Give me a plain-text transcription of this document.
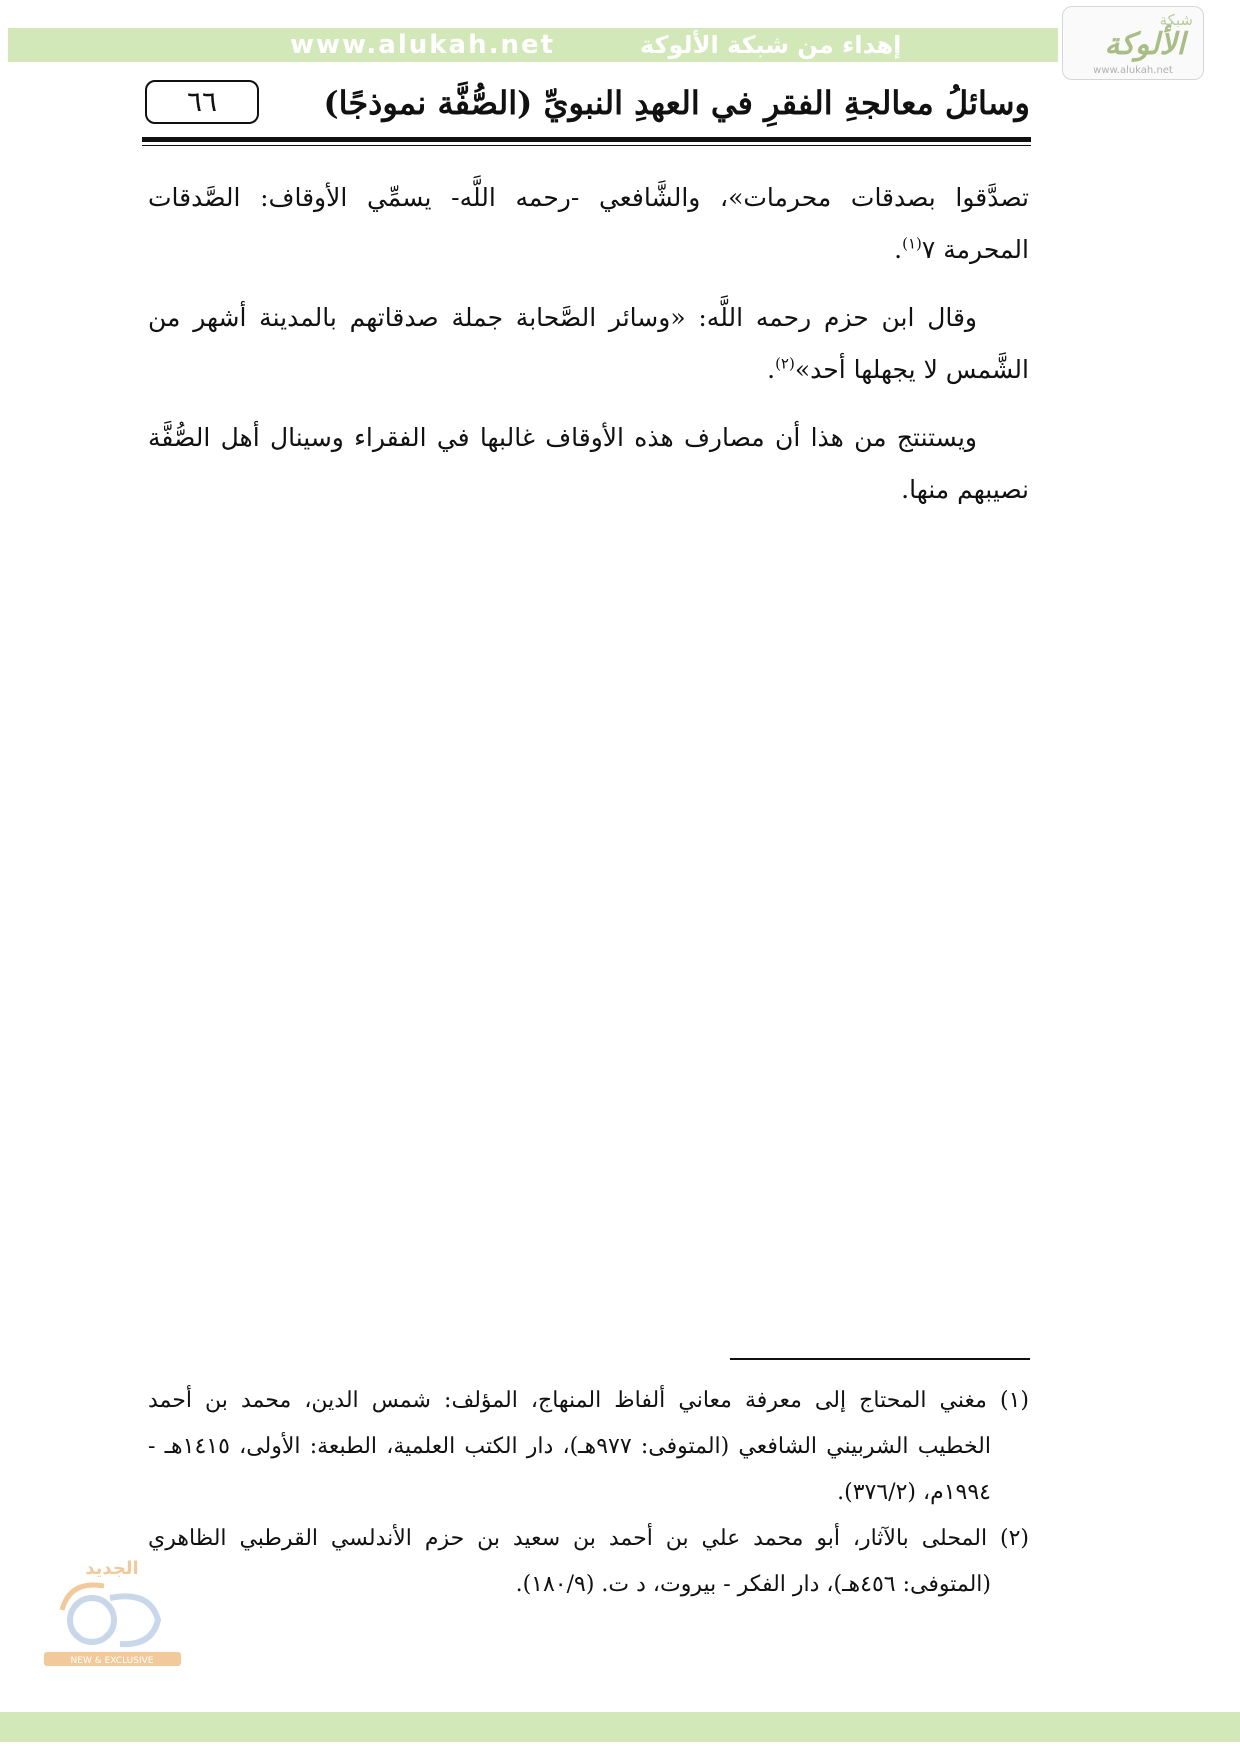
www.alukah.net	إهداء من شبكة الألوكة
شبكة
الألوكة
www.alukah.net
٦٦	وسائلُ معالجةِ الفقرِ في العهدِ النبويِّ (الصُّفَّة نموذجًا)

تصدَّقوا بصدقات محرمات»، والشَّافعي -رحمه اللَّه- يسمِّي الأوقاف: الصَّدقات المحرمة ٧$^{(١)}$.

وقال ابن حزم رحمه اللَّه: «وسائر الصَّحابة جملة صدقاتهم بالمدينة أشهر من الشَّمس لا يجهلها أحد»$^{(٢)}$.

ويستنتج من هذا أن مصارف هذه الأوقاف غالبها في الفقراء وسينال أهل الصُّفَّة نصيبهم منها.

(١) مغني المحتاج إلى معرفة معاني ألفاظ المنهاج، المؤلف: شمس الدين، محمد بن أحمد الخطيب الشربيني الشافعي (المتوفى: ٩٧٧هـ)، دار الكتب العلمية، الطبعة: الأولى، ١٤١٥هـ - ١٩٩٤م، (٣٧٦/٢).

(٢) المحلى بالآثار، أبو محمد علي بن أحمد بن سعيد بن حزم الأندلسي القرطبي الظاهري (المتوفى: ٤٥٦هـ)، دار الفكر - بيروت، د ت. (١٨٠/٩).

الجديد
NEW & EXCLUSIVE
